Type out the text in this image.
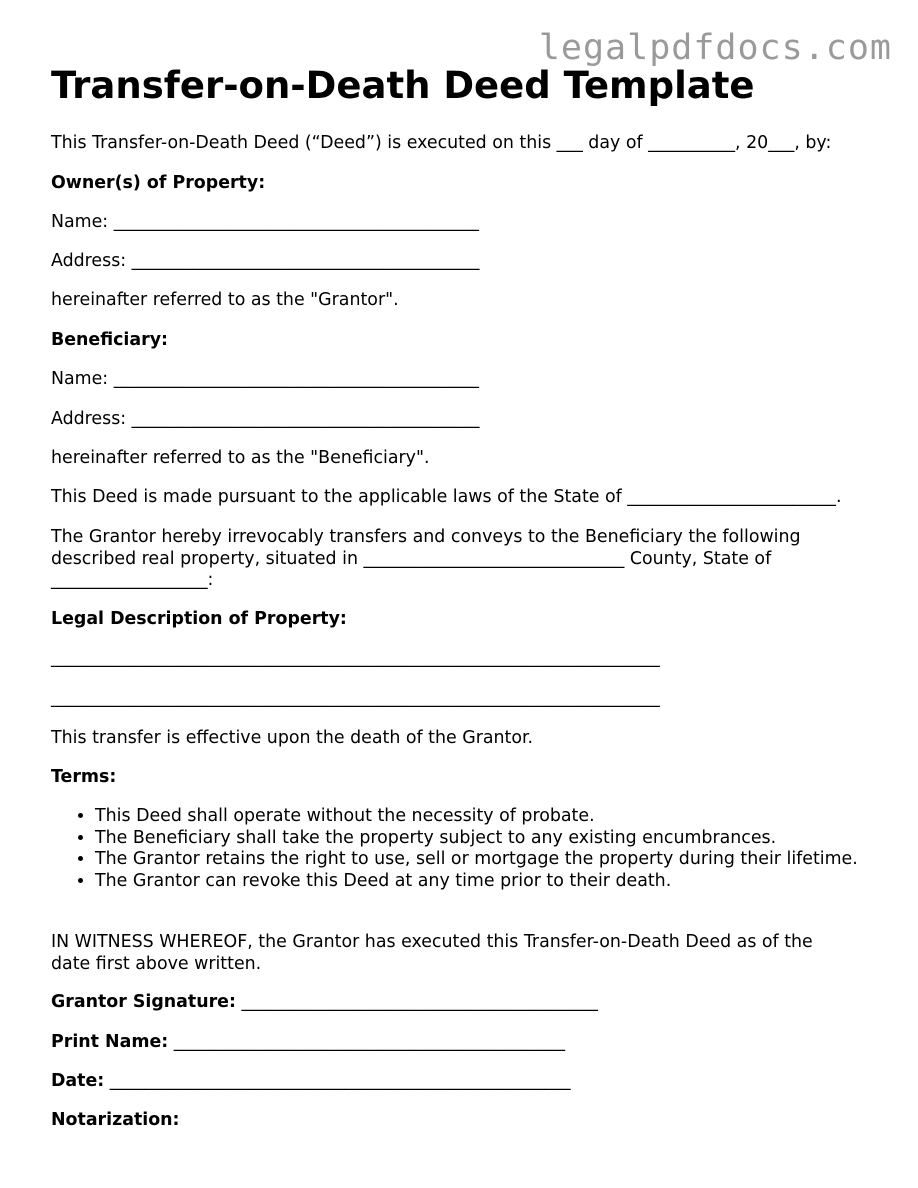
legalpdfdocs.com
Transfer-on-Death Deed Template

This Transfer-on-Death Deed (“Deed”) is executed on this ___ day of __________, 20___, by:

Owner(s) of Property:

Name: __________________________________________

Address: ________________________________________

hereinafter referred to as the "Grantor".

Beneficiary:

Name: __________________________________________

Address: ________________________________________

hereinafter referred to as the "Beneficiary".

This Deed is made pursuant to the applicable laws of the State of ________________________.

The Grantor hereby irrevocably transfers and conveys to the Beneficiary the following described real property, situated in ______________________________ County, State of __________________:

Legal Description of Property:

______________________________________________________________________

______________________________________________________________________

This transfer is effective upon the death of the Grantor.

Terms:

• This Deed shall operate without the necessity of probate.
• The Beneficiary shall take the property subject to any existing encumbrances.
• The Grantor retains the right to use, sell or mortgage the property during their lifetime.
• The Grantor can revoke this Deed at any time prior to their death.

IN WITNESS WHEREOF, the Grantor has executed this Transfer-on-Death Deed as of the date first above written.

Grantor Signature: _________________________________________

Print Name: _____________________________________________

Date: _____________________________________________________

Notarization:
